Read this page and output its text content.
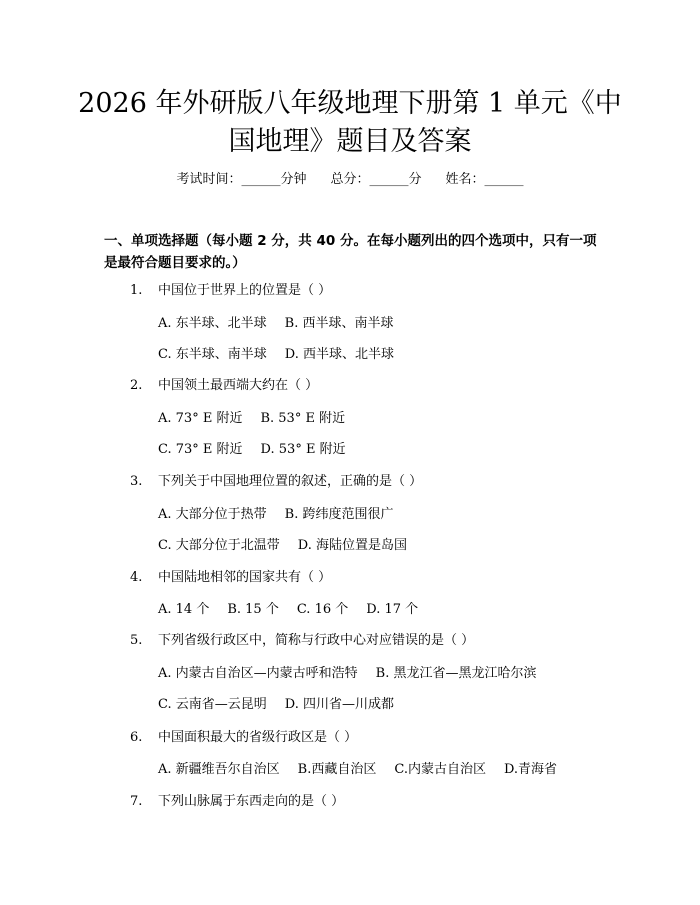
2026 年外研版八年级地理下册第 1 单元《中
国地理》题目及答案
考试时间：______分钟 总分：______分 姓名：______
一、单项选择题（每小题 2 分，共 40 分。在每小题列出的四个选项中，只有一项
是最符合题目要求的。）
1. 中国位于世界上的位置是（ ）
A. 东半球、北半球 B. 西半球、南半球
C. 东半球、南半球 D. 西半球、北半球
2. 中国领土最西端大约在（ ）
A. 73° E 附近 B. 53° E 附近
C. 73° E 附近 D. 53° E 附近
3. 下列关于中国地理位置的叙述，正确的是（ ）
A. 大部分位于热带 B. 跨纬度范围很广
C. 大部分位于北温带 D. 海陆位置是岛国
4. 中国陆地相邻的国家共有（ ）
A. 14 个 B. 15 个 C. 16 个 D. 17 个
5. 下列省级行政区中，简称与行政中心对应错误的是（ ）
A. 内蒙古自治区—内蒙古呼和浩特 B. 黑龙江省—黑龙江哈尔滨
C. 云南省—云昆明 D. 四川省—川成都
6. 中国面积最大的省级行政区是（ ）
A. 新疆维吾尔自治区 B.西藏自治区 C.内蒙古自治区 D.青海省
7. 下列山脉属于东西走向的是（ ）
